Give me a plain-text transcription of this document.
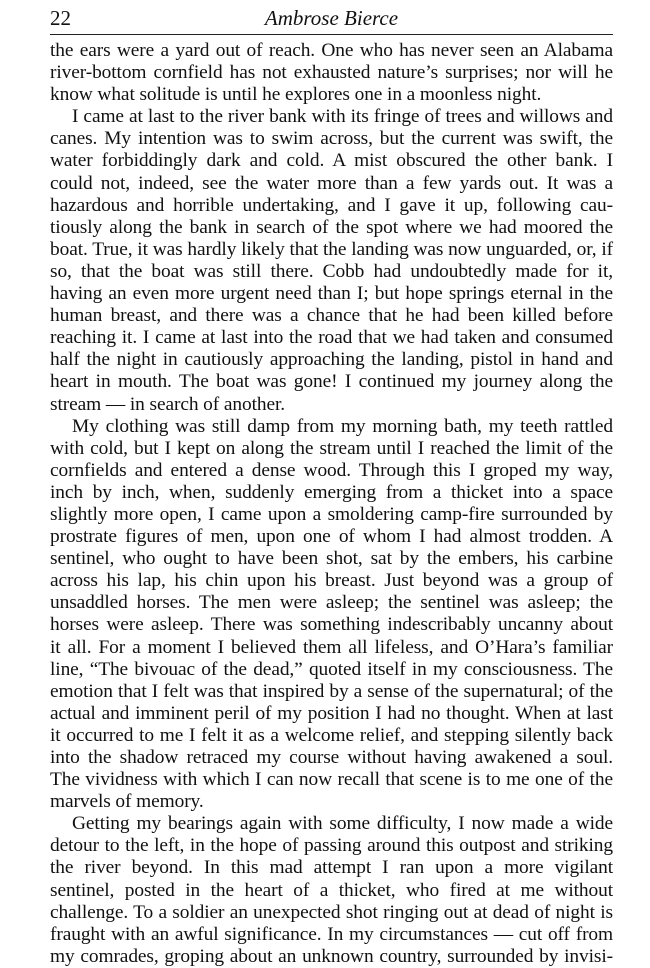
22	Ambrose Bierce
the ears were a yard out of reach. One who has never seen an Alabama
river-bottom cornfield has not exhausted nature’s surprises; nor will he
know what solitude is until he explores one in a moonless night.
I came at last to the river bank with its fringe of trees and willows and
canes. My intention was to swim across, but the current was swift, the
water forbiddingly dark and cold. A mist obscured the other bank. I
could not, indeed, see the water more than a few yards out. It was a
hazardous and horrible undertaking, and I gave it up, following cau-
tiously along the bank in search of the spot where we had moored the
boat. True, it was hardly likely that the landing was now unguarded, or, if
so, that the boat was still there. Cobb had undoubtedly made for it,
having an even more urgent need than I; but hope springs eternal in the
human breast, and there was a chance that he had been killed before
reaching it. I came at last into the road that we had taken and consumed
half the night in cautiously approaching the landing, pistol in hand and
heart in mouth. The boat was gone! I continued my journey along the
stream — in search of another.
My clothing was still damp from my morning bath, my teeth rattled
with cold, but I kept on along the stream until I reached the limit of the
cornfields and entered a dense wood. Through this I groped my way,
inch by inch, when, suddenly emerging from a thicket into a space
slightly more open, I came upon a smoldering camp-fire surrounded by
prostrate figures of men, upon one of whom I had almost trodden. A
sentinel, who ought to have been shot, sat by the embers, his carbine
across his lap, his chin upon his breast. Just beyond was a group of
unsaddled horses. The men were asleep; the sentinel was asleep; the
horses were asleep. There was something indescribably uncanny about
it all. For a moment I believed them all lifeless, and O’Hara’s familiar
line, “The bivouac of the dead,” quoted itself in my consciousness. The
emotion that I felt was that inspired by a sense of the supernatural; of the
actual and imminent peril of my position I had no thought. When at last
it occurred to me I felt it as a welcome relief, and stepping silently back
into the shadow retraced my course without having awakened a soul.
The vividness with which I can now recall that scene is to me one of the
marvels of memory.
Getting my bearings again with some difficulty, I now made a wide
detour to the left, in the hope of passing around this outpost and striking
the river beyond. In this mad attempt I ran upon a more vigilant
sentinel, posted in the heart of a thicket, who fired at me without
challenge. To a soldier an unexpected shot ringing out at dead of night is
fraught with an awful significance. In my circumstances — cut off from
my comrades, groping about an unknown country, surrounded by invisi-
